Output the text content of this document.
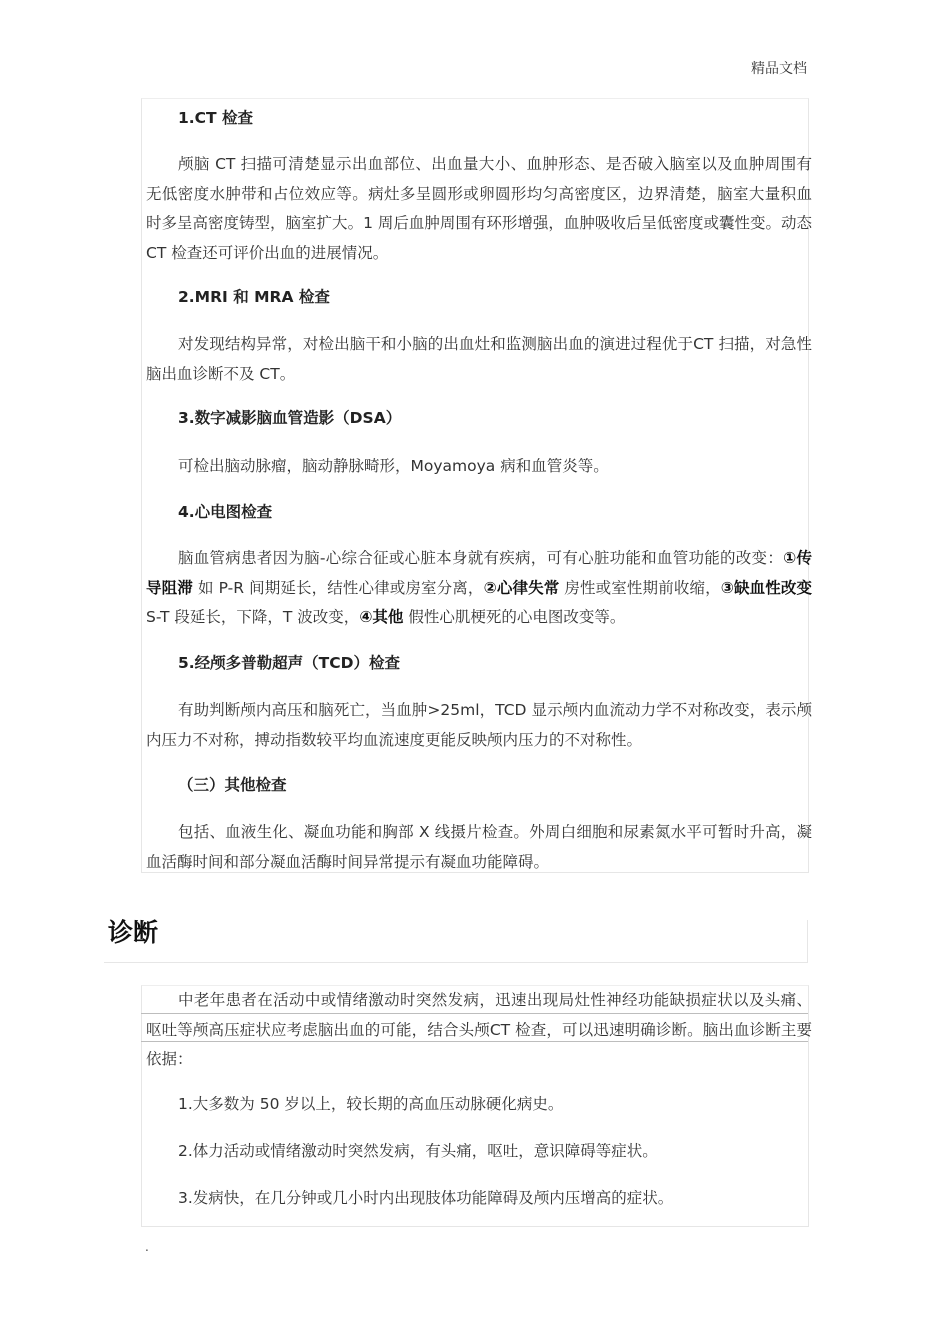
精品文档
1.CT 检查
颅脑 CT 扫描可清楚显示出血部位、出血量大小、血肿形态、是否破入脑室以及血肿周围有无低密度水肿带和占位效应等。病灶多呈圆形或卵圆形均匀高密度区，边界清楚，脑室大量积血时多呈高密度铸型，脑室扩大。1 周后血肿周围有环形增强，血肿吸收后呈低密度或囊性变。动态 CT 检查还可评价出血的进展情况。
2.MRI 和 MRA 检查
对发现结构异常，对检出脑干和小脑的出血灶和监测脑出血的演进过程优于CT 扫描，对急性脑出血诊断不及 CT。
3.数字减影脑血管造影（DSA）
可检出脑动脉瘤，脑动静脉畸形，Moyamoya 病和血管炎等。
4.心电图检查
脑血管病患者因为脑-心综合征或心脏本身就有疾病，可有心脏功能和血管功能的改变：①传导阻滞 如 P-R 间期延长，结性心律或房室分离，②心律失常 房性或室性期前收缩，③缺血性改变 S-T 段延长，下降，T 波改变，④其他 假性心肌梗死的心电图改变等。
5.经颅多普勒超声（TCD）检查
有助判断颅内高压和脑死亡，当血肿>25ml，TCD 显示颅内血流动力学不对称改变，表示颅内压力不对称，搏动指数较平均血流速度更能反映颅内压力的不对称性。
（三）其他检查
包括、血液生化、凝血功能和胸部 X 线摄片检查。外周白细胞和尿素氮水平可暂时升高，凝血活酶时间和部分凝血活酶时间异常提示有凝血功能障碍。
诊断
中老年患者在活动中或情绪激动时突然发病，迅速出现局灶性神经功能缺损症状以及头痛、呕吐等颅高压症状应考虑脑出血的可能，结合头颅CT 检查，可以迅速明确诊断。脑出血诊断主要依据：
1.大多数为 50 岁以上，较长期的高血压动脉硬化病史。
2.体力活动或情绪激动时突然发病，有头痛，呕吐，意识障碍等症状。
3.发病快，在几分钟或几小时内出现肢体功能障碍及颅内压增高的症状。
.
